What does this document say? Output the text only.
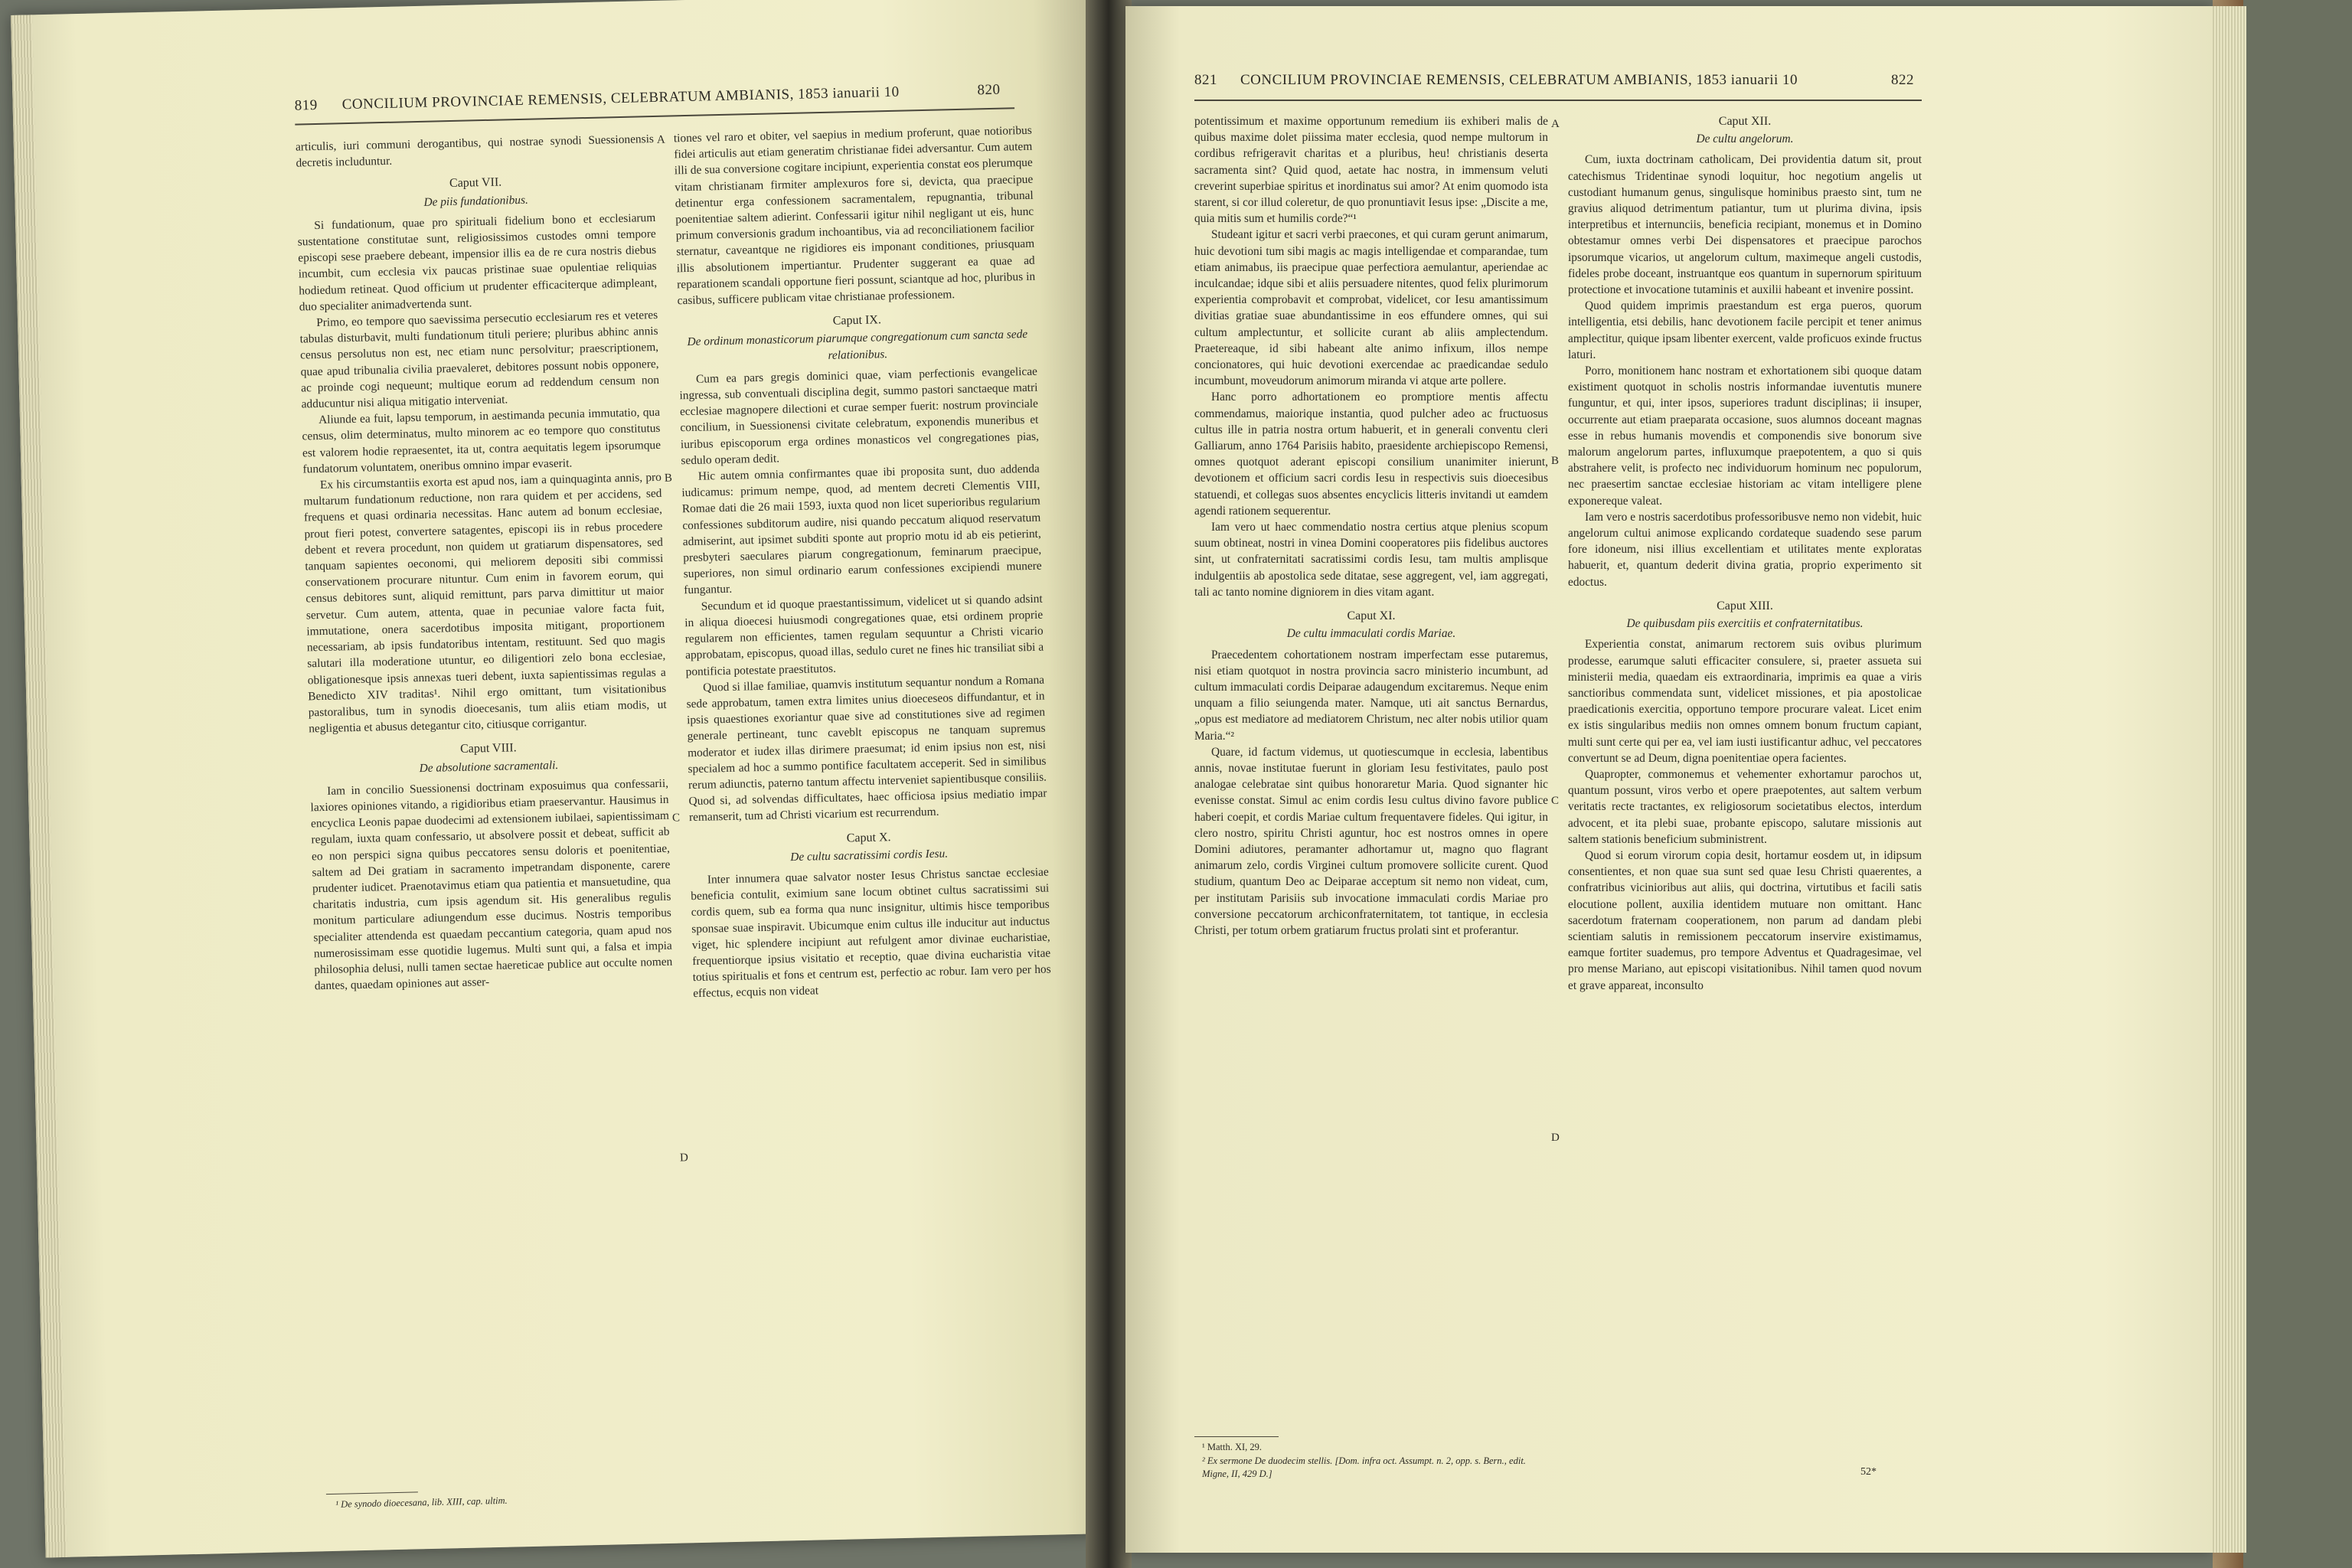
819 CONCILIUM PROVINCIAE REMENSIS, CELEBRATUM AMBIANIS, 1853 ianuarii 10	820

articulis, iuri communi derogantibus, qui nostrae synodi Suessionensis decretis includuntur.

Caput VII.

De piis fundationibus.

Si fundationum, quae pro spirituali fidelium bono et ecclesiarum sustentatione constitutae sunt, religiosissimos custodes omni tempore episcopi sese praebere debeant, impensior illis ea de re cura nostris diebus incumbit, cum ecclesia vix paucas pristinae suae opulentiae reliquias hodiedum retineat. Quod officium ut prudenter efficaciterque adimpleant, duo specialiter animadvertenda sunt.

Primo, eo tempore quo saevissima persecutio ecclesiarum res et veteres tabulas disturbavit, multi fundationum tituli periere; pluribus abhinc annis census persolutus non est, nec etiam nunc persolvitur; praescriptionem, quae apud tribunalia civilia praevaleret, debitores possunt nobis opponere, ac proinde cogi nequeunt; multique eorum ad reddendum censum non adducuntur nisi aliqua mitigatio interveniat.

Aliunde ea fuit, lapsu temporum, in aestimanda pecunia immutatio, qua census, olim determinatus, multo minorem ac eo tempore quo constitutus est valorem hodie repraesentet, ita ut, contra aequitatis legem ipsorumque fundatorum voluntatem, oneribus omnino impar evaserit.

Ex his circumstantiis exorta est apud nos, iam a quinquaginta annis, pro multarum fundationum reductione, non rara quidem et per accidens, sed frequens et quasi ordinaria necessitas. Hanc autem ad bonum ecclesiae, prout fieri potest, convertere satagentes, episcopi iis in rebus procedere debent et revera procedunt, non quidem ut gratiarum dispensatores, sed tanquam sapientes oeconomi, qui meliorem depositi sibi commissi conservationem procurare nituntur. Cum enim in favorem eorum, qui census debitores sunt, aliquid remittunt, pars parva dimittitur ut maior servetur. Cum autem, attenta, quae in pecuniae valore facta fuit, immutatione, onera sacerdotibus imposita mitigant, proportionem necessariam, ab ipsis fundatoribus intentam, restituunt. Sed quo magis salutari illa moderatione utuntur, eo diligentiori zelo bona ecclesiae, obligationesque ipsis annexas tueri debent, iuxta sapientissimas regulas a Benedicto XIV traditas¹. Nihil ergo omittant, tum visitationibus pastoralibus, tum in synodis dioecesanis, tum aliis etiam modis, ut negligentia et abusus detegantur cito, citiusque corrigantur.

Caput VIII.

De absolutione sacramentali.

Iam in concilio Suessionensi doctrinam exposuimus qua confessarii, laxiores opiniones vitando, a rigidioribus etiam praeservantur. Hausimus in encyclica Leonis papae duodecimi ad extensionem iubilaei, sapientissimam regulam, iuxta quam confessario, ut absolvere possit et debeat, sufficit ab eo non perspici signa quibus peccatores sensu doloris et poenitentiae, saltem ad Dei gratiam in sacramento impetrandam disponente, carere prudenter iudicet. Praenotavimus etiam qua patientia et mansuetudine, qua charitatis industria, cum ipsis agendum sit. His generalibus regulis monitum particulare adiungendum esse ducimus. Nostris temporibus specialiter attendenda est quaedam peccantium categoria, quam apud nos numerosissimam esse quotidie lugemus. Multi sunt qui, a falsa et impia philosophia delusi, nulli tamen sectae haereticae publice aut occulte nomen dantes, quaedam opiniones aut asser-

¹ De synodo dioecesana, lib. XIII, cap. ultim.
A
B
C
D

tiones vel raro et obiter, vel saepius in medium proferunt, quae notioribus fidei articulis aut etiam generatim christianae fidei adversantur. Cum autem illi de sua conversione cogitare incipiunt, experientia constat eos plerumque vitam christianam firmiter amplexuros fore si, devicta, qua praecipue detinentur erga confessionem sacramentalem, repugnantia, tribunal poenitentiae saltem adierint. Confessarii igitur nihil negligant ut eis, hunc primum conversionis gradum inchoantibus, via ad reconciliationem facilior sternatur, caveantque ne rigidiores eis imponant conditiones, priusquam illis absolutionem impertiantur. Prudenter suggerant ea quae ad reparationem scandali opportune fieri possunt, sciantque ad hoc, pluribus in casibus, sufficere publicam vitae christianae professionem.

Caput IX.

De ordinum monasticorum piarumque congregationum cum sancta sede relationibus.

Cum ea pars gregis dominici quae, viam perfectionis evangelicae ingressa, sub conventuali disciplina degit, summo pastori sanctaeque matri ecclesiae magnopere dilectioni et curae semper fuerit: nostrum provinciale concilium, in Suessionensi civitate celebratum, exponendis muneribus et iuribus episcoporum erga ordines monasticos vel congregationes pias, sedulo operam dedit.

Hic autem omnia confirmantes quae ibi proposita sunt, duo addenda iudicamus: primum nempe, quod, ad mentem decreti Clementis VIII, Romae dati die 26 maii 1593, iuxta quod non licet superioribus regularium confessiones subditorum audire, nisi quando peccatum aliquod reservatum admiserint, aut ipsimet subditi sponte aut proprio motu id ab eis petierint, presbyteri saeculares piarum congregationum, feminarum praecipue, superiores, non simul ordinario earum confessiones excipiendi munere fungantur.

Secundum et id quoque praestantissimum, videlicet ut si quando adsint in aliqua dioecesi huiusmodi congregationes quae, etsi ordinem proprie regularem non efficientes, tamen regulam sequuntur a Christi vicario approbatam, episcopus, quoad illas, sedulo curet ne fines hic transiliat sibi a pontificia potestate praestitutos.

Quod si illae familiae, quamvis institutum sequantur nondum a Romana sede approbatum, tamen extra limites unius dioeceseos diffundantur, et in ipsis quaestiones exoriantur quae sive ad constitutiones sive ad regimen generale pertineant, tunc caveblt episcopus ne tanquam supremus moderator et iudex illas dirimere praesumat; id enim ipsius non est, nisi specialem ad hoc a summo pontifice facultatem acceperit. Sed in similibus rerum adiunctis, paterno tantum affectu interveniet sapientibusque consiliis. Quod si, ad solvendas difficultates, haec officiosa ipsius mediatio impar remanserit, tum ad Christi vicarium est recurrendum.

Caput X.

De cultu sacratissimi cordis Iesu.

Inter innumera quae salvator noster Iesus Christus sanctae ecclesiae beneficia contulit, eximium sane locum obtinet cultus sacratissimi sui cordis quem, sub ea forma qua nunc insignitur, ultimis hisce temporibus sponsae suae inspiravit. Ubicumque enim cultus ille inducitur aut inductus viget, hic splendere incipiunt aut refulgent amor divinae eucharistiae, frequentiorque ipsius visitatio et receptio, quae divina eucharistia vitae totius spiritualis et fons et centrum est, perfectio ac robur. Iam vero per hos effectus, ecquis non videat

821 CONCILIUM PROVINCIAE REMENSIS, CELEBRATUM AMBIANIS, 1853 ianuarii 10	822

potentissimum et maxime opportunum remedium iis exhiberi malis de quibus maxime dolet piissima mater ecclesia, quod nempe multorum in cordibus refrigeravit charitas et a pluribus, heu! christianis deserta sacramenta sint? Quid quod, aetate hac nostra, in immensum veluti creverint superbiae spiritus et inordinatus sui amor? At enim quomodo ista starent, si cor illud coleretur, de quo pronuntiavit Iesus ipse: „Discite a me, quia mitis sum et humilis corde?“¹

Studeant igitur et sacri verbi praecones, et qui curam gerunt animarum, huic devotioni tum sibi magis ac magis intelligendae et comparandae, tum etiam animabus, iis praecipue quae perfectiora aemulantur, aperiendae ac inculcandae; idque sibi et aliis persuadere nitentes, quod felix plurimorum experientia comprobavit et comprobat, videlicet, cor Iesu amantissimum divitias gratiae suae abundantissime in eos effundere omnes, qui sui cultum amplectuntur, et sollicite curant ab aliis amplectendum. Praetereaque, id sibi habeant alte animo infixum, illos nempe concionatores, qui huic devotioni exercendae ac praedicandae sedulo incumbunt, moveudorum animorum miranda vi atque arte pollere.

Hanc porro adhortationem eo promptiore mentis affectu commendamus, maiorique instantia, quod pulcher adeo ac fructuosus cultus ille in patria nostra ortum habuerit, et in generali conventu cleri Galliarum, anno 1764 Parisiis habito, praesidente archiepiscopo Remensi, omnes quotquot aderant episcopi consilium unanimiter inierunt, devotionem et officium sacri cordis Iesu in respectivis suis dioecesibus statuendi, et collegas suos absentes encyclicis litteris invitandi ut eamdem agendi rationem sequerentur.

Iam vero ut haec commendatio nostra certius atque plenius scopum suum obtineat, nostri in vinea Domini cooperatores piis fidelibus auctores sint, ut confraternitati sacratissimi cordis Iesu, tam multis amplisque indulgentiis ab apostolica sede ditatae, sese aggregent, vel, iam aggregati, tali ac tanto nomine digniorem in dies vitam agant.

Caput XI.

De cultu immaculati cordis Mariae.

Praecedentem cohortationem nostram imperfectam esse putaremus, nisi etiam quotquot in nostra provincia sacro ministerio incumbunt, ad cultum immaculati cordis Deiparae adaugendum excitaremus. Neque enim unquam a filio seiungenda mater. Namque, uti ait sanctus Bernardus, „opus est mediatore ad mediatorem Christum, nec alter nobis utilior quam Maria.“²

Quare, id factum videmus, ut quotiescumque in ecclesia, labentibus annis, novae institutae fuerunt in gloriam Iesu festivitates, paulo post analogae celebratae sint quibus honoraretur Maria. Quod signanter hic evenisse constat. Simul ac enim cordis Iesu cultus divino favore publice haberi coepit, et cordis Mariae cultum frequentavere fideles. Qui igitur, in clero nostro, spiritu Christi aguntur, hoc est nostros omnes in opere Domini adiutores, peramanter adhortamur ut, magno quo flagrant animarum zelo, cordis Virginei cultum promovere sollicite curent. Quod studium, quantum Deo ac Deiparae acceptum sit nemo non videat, cum, per institutam Parisiis sub invocatione immaculati cordis Mariae pro conversione peccatorum archiconfraternitatem, tot tantique, in ecclesia Christi, per totum orbem gratiarum fructus prolati sint et proferantur.

¹ Matth. XI, 29.
² Ex sermone De duodecim stellis. [Dom. infra oct. Assumpt. n. 2, opp. s. Bern., edit. Migne, II, 429 D.]
A
B
C
D

Caput XII.

De cultu angelorum.

Cum, iuxta doctrinam catholicam, Dei providentia datum sit, prout catechismus Tridentinae synodi loquitur, hoc negotium angelis ut custodiant humanum genus, singulisque hominibus praesto sint, tum ne gravius aliquod detrimentum patiantur, tum ut plurima divina, ipsis interpretibus et internunciis, beneficia recipiant, monemus et in Domino obtestamur omnes verbi Dei dispensatores et praecipue parochos ipsorumque vicarios, ut angelorum cultum, maximeque angeli custodis, fideles probe doceant, instruantque eos quantum in supernorum spirituum protectione et invocatione tutaminis et auxilii habeant et invenire possint.

Quod quidem imprimis praestandum est erga pueros, quorum intelligentia, etsi debilis, hanc devotionem facile percipit et tener animus amplectitur, quique ipsam libenter exercent, valde proficuos exinde fructus laturi.

Porro, monitionem hanc nostram et exhortationem sibi quoque datam existiment quotquot in scholis nostris informandae iuventutis munere funguntur, et qui, inter ipsos, superiores tradunt disciplinas; ii insuper, occurrente aut etiam praeparata occasione, suos alumnos doceant magnas esse in rebus humanis movendis et componendis sive bonorum sive malorum angelorum partes, influxumque praepotentem, a quo si quis abstrahere velit, is profecto nec individuorum hominum nec populorum, nec praesertim sanctae ecclesiae historiam ac vitam intelligere plene exponereque valeat.

Iam vero e nostris sacerdotibus professoribusve nemo non videbit, huic angelorum cultui animose explicando cordateque suadendo sese parum fore idoneum, nisi illius excellentiam et utilitates mente exploratas habuerit, et, quantum dederit divina gratia, proprio experimento sit edoctus.

Caput XIII.

De quibusdam piis exercitiis et confraternitatibus.

Experientia constat, animarum rectorem suis ovibus plurimum prodesse, earumque saluti efficaciter consulere, si, praeter assueta sui ministerii media, quaedam eis extraordinaria, imprimis ea quae a viris sanctioribus commendata sunt, videlicet missiones, et pia apostolicae praedicationis exercitia, opportuno tempore procurare valeat. Licet enim ex istis singularibus mediis non omnes omnem bonum fructum capiant, multi sunt certe qui per ea, vel iam iusti iustificantur adhuc, vel peccatores convertunt se ad Deum, digna poenitentiae opera facientes.

Quapropter, commonemus et vehementer exhortamur parochos ut, quantum possunt, viros verbo et opere praepotentes, aut saltem verbum veritatis recte tractantes, ex religiosorum societatibus electos, interdum advocent, et ita plebi suae, probante episcopo, salutare missionis aut saltem stationis beneficium subministrent.

Quod si eorum virorum copia desit, hortamur eosdem ut, in idipsum consentientes, et non quae sua sunt sed quae Iesu Christi quaerentes, a confratribus vicinioribus aut aliis, qui doctrina, virtutibus et facili satis elocutione pollent, auxilia identidem mutuare non omittant. Hanc sacerdotum fraternam cooperationem, non parum ad dandam plebi scientiam salutis in remissionem peccatorum inservire existimamus, eamque fortiter suademus, pro tempore Adventus et Quadragesimae, vel pro mense Mariano, aut episcopi visitationibus. Nihil tamen quod novum et grave appareat, inconsulto

52*
